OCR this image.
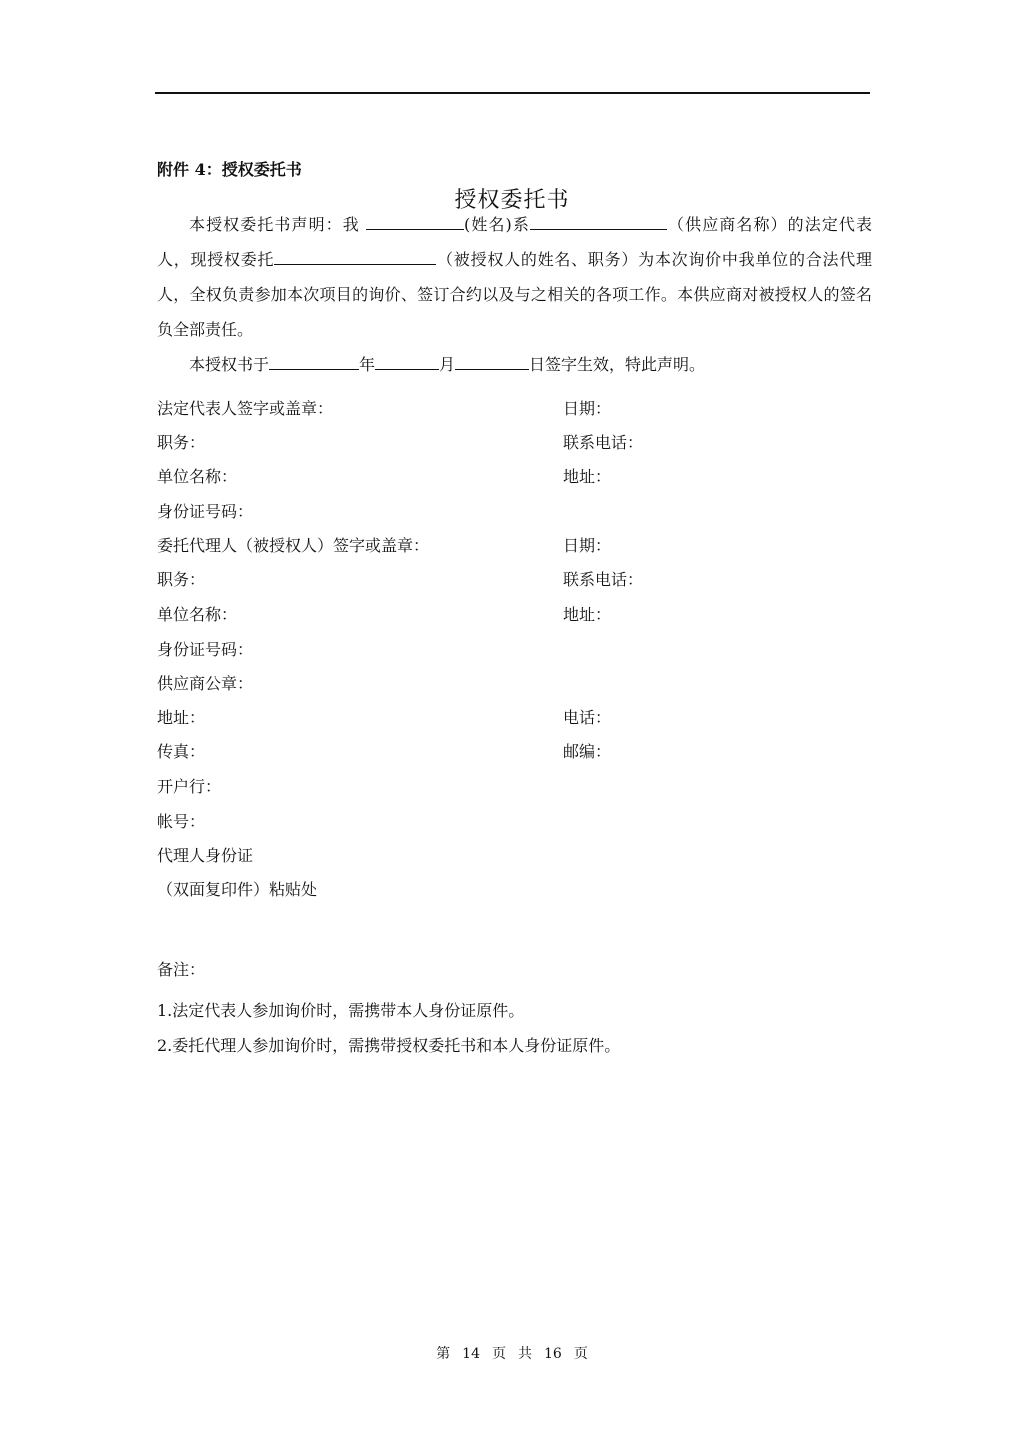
附件 4：授权委托书
授权委托书
本授权委托书声明：我	(姓名)系	（供应商名称）的法定代表人，现授权委托	（被授权人的姓名、职务）为本次询价中我单位的合法代理人，全权负责参加本次项目的询价、签订合约以及与之相关的各项工作。本供应商对被授权人的签名负全部责任。
本授权书于	年	月	日签字生效，特此声明。
法定代表人签字或盖章：	日期：
职务：	联系电话：
单位名称：	地址：
身份证号码：
委托代理人（被授权人）签字或盖章：	日期：
职务：	联系电话：
单位名称：	地址：
身份证号码：
供应商公章：
地址：	电话：
传真：	邮编：
开户行：
帐号：
代理人身份证
（双面复印件）粘贴处
备注：
1.法定代表人参加询价时，需携带本人身份证原件。
2.委托代理人参加询价时，需携带授权委托书和本人身份证原件。
第 14 页 共 16 页
